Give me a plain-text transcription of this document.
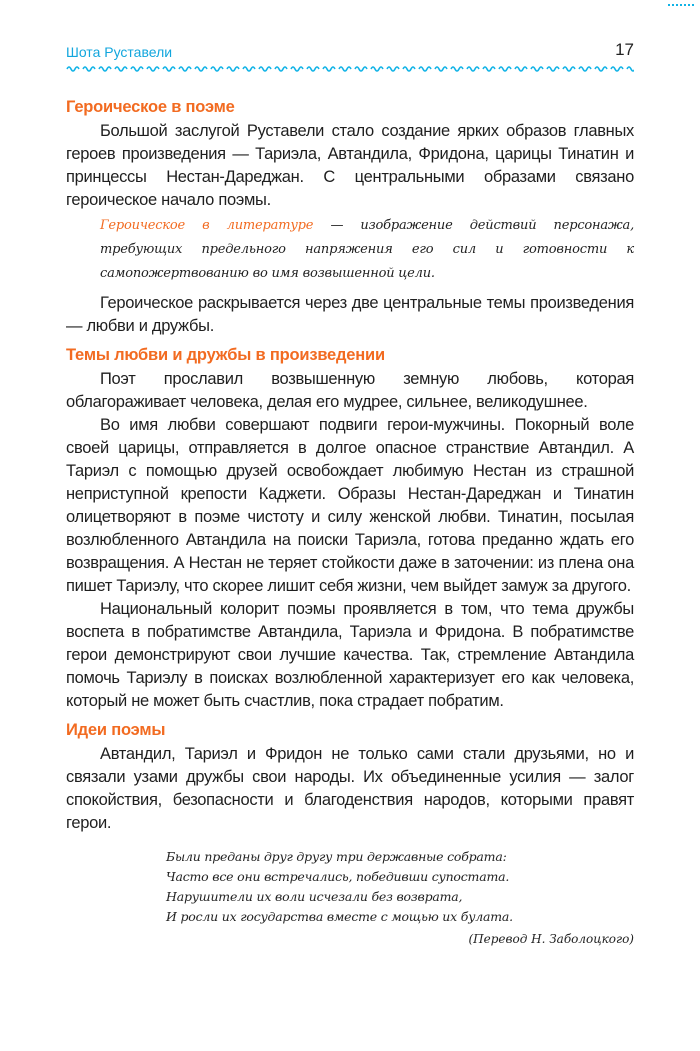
Шота Руставели	17
Героическое в поэме

Большой заслугой Руставели стало создание ярких образов главных героев произведения — Тариэла, Автандила, Фридона, царицы Тинатин и принцессы Нестан-Дареджан. С центральными образами связано героическое начало поэмы.

Героическое в литературе — изображение действий персонажа, требующих предельного напряжения его сил и готовности к самопожертвованию во имя возвышенной цели.

Героическое раскрывается через две центральные темы произведения — любви и дружбы.

Темы любви и дружбы в произведении

Поэт прославил возвышенную земную любовь, которая облагораживает человека, делая его мудрее, сильнее, великодушнее.

Во имя любви совершают подвиги герои-мужчины. Покорный воле своей царицы, отправляется в долгое опасное странствие Автандил. А Тариэл с помощью друзей освобождает любимую Нестан из страшной неприступной крепости Каджети. Образы Нестан-Дареджан и Тинатин олицетворяют в поэме чистоту и силу женской любви. Тинатин, посылая возлюбленного Автандила на поиски Тариэла, готова преданно ждать его возвращения. А Нестан не теряет стойкости даже в заточении: из плена она пишет Тариэлу, что скорее лишит себя жизни, чем выйдет замуж за другого.

Национальный колорит поэмы проявляется в том, что тема дружбы воспета в побратимстве Автандила, Тариэла и Фридона. В побратимстве герои демонстрируют свои лучшие качества. Так, стремление Автандила помочь Тариэлу в поисках возлюбленной характеризует его как человека, который не может быть счастлив, пока страдает побратим.

Идеи поэмы

Автандил, Тариэл и Фридон не только сами стали друзьями, но и связали узами дружбы свои народы. Их объединенные усилия — залог спокойствия, безопасности и благоденствия народов, которыми правят герои.

Были преданы друг другу три державные собрата:
Часто все они встречались, победивши супостата.
Нарушители их воли исчезали без возврата,
И росли их государства вместе с мощью их булата.
(Перевод Н. Заболоцкого)
